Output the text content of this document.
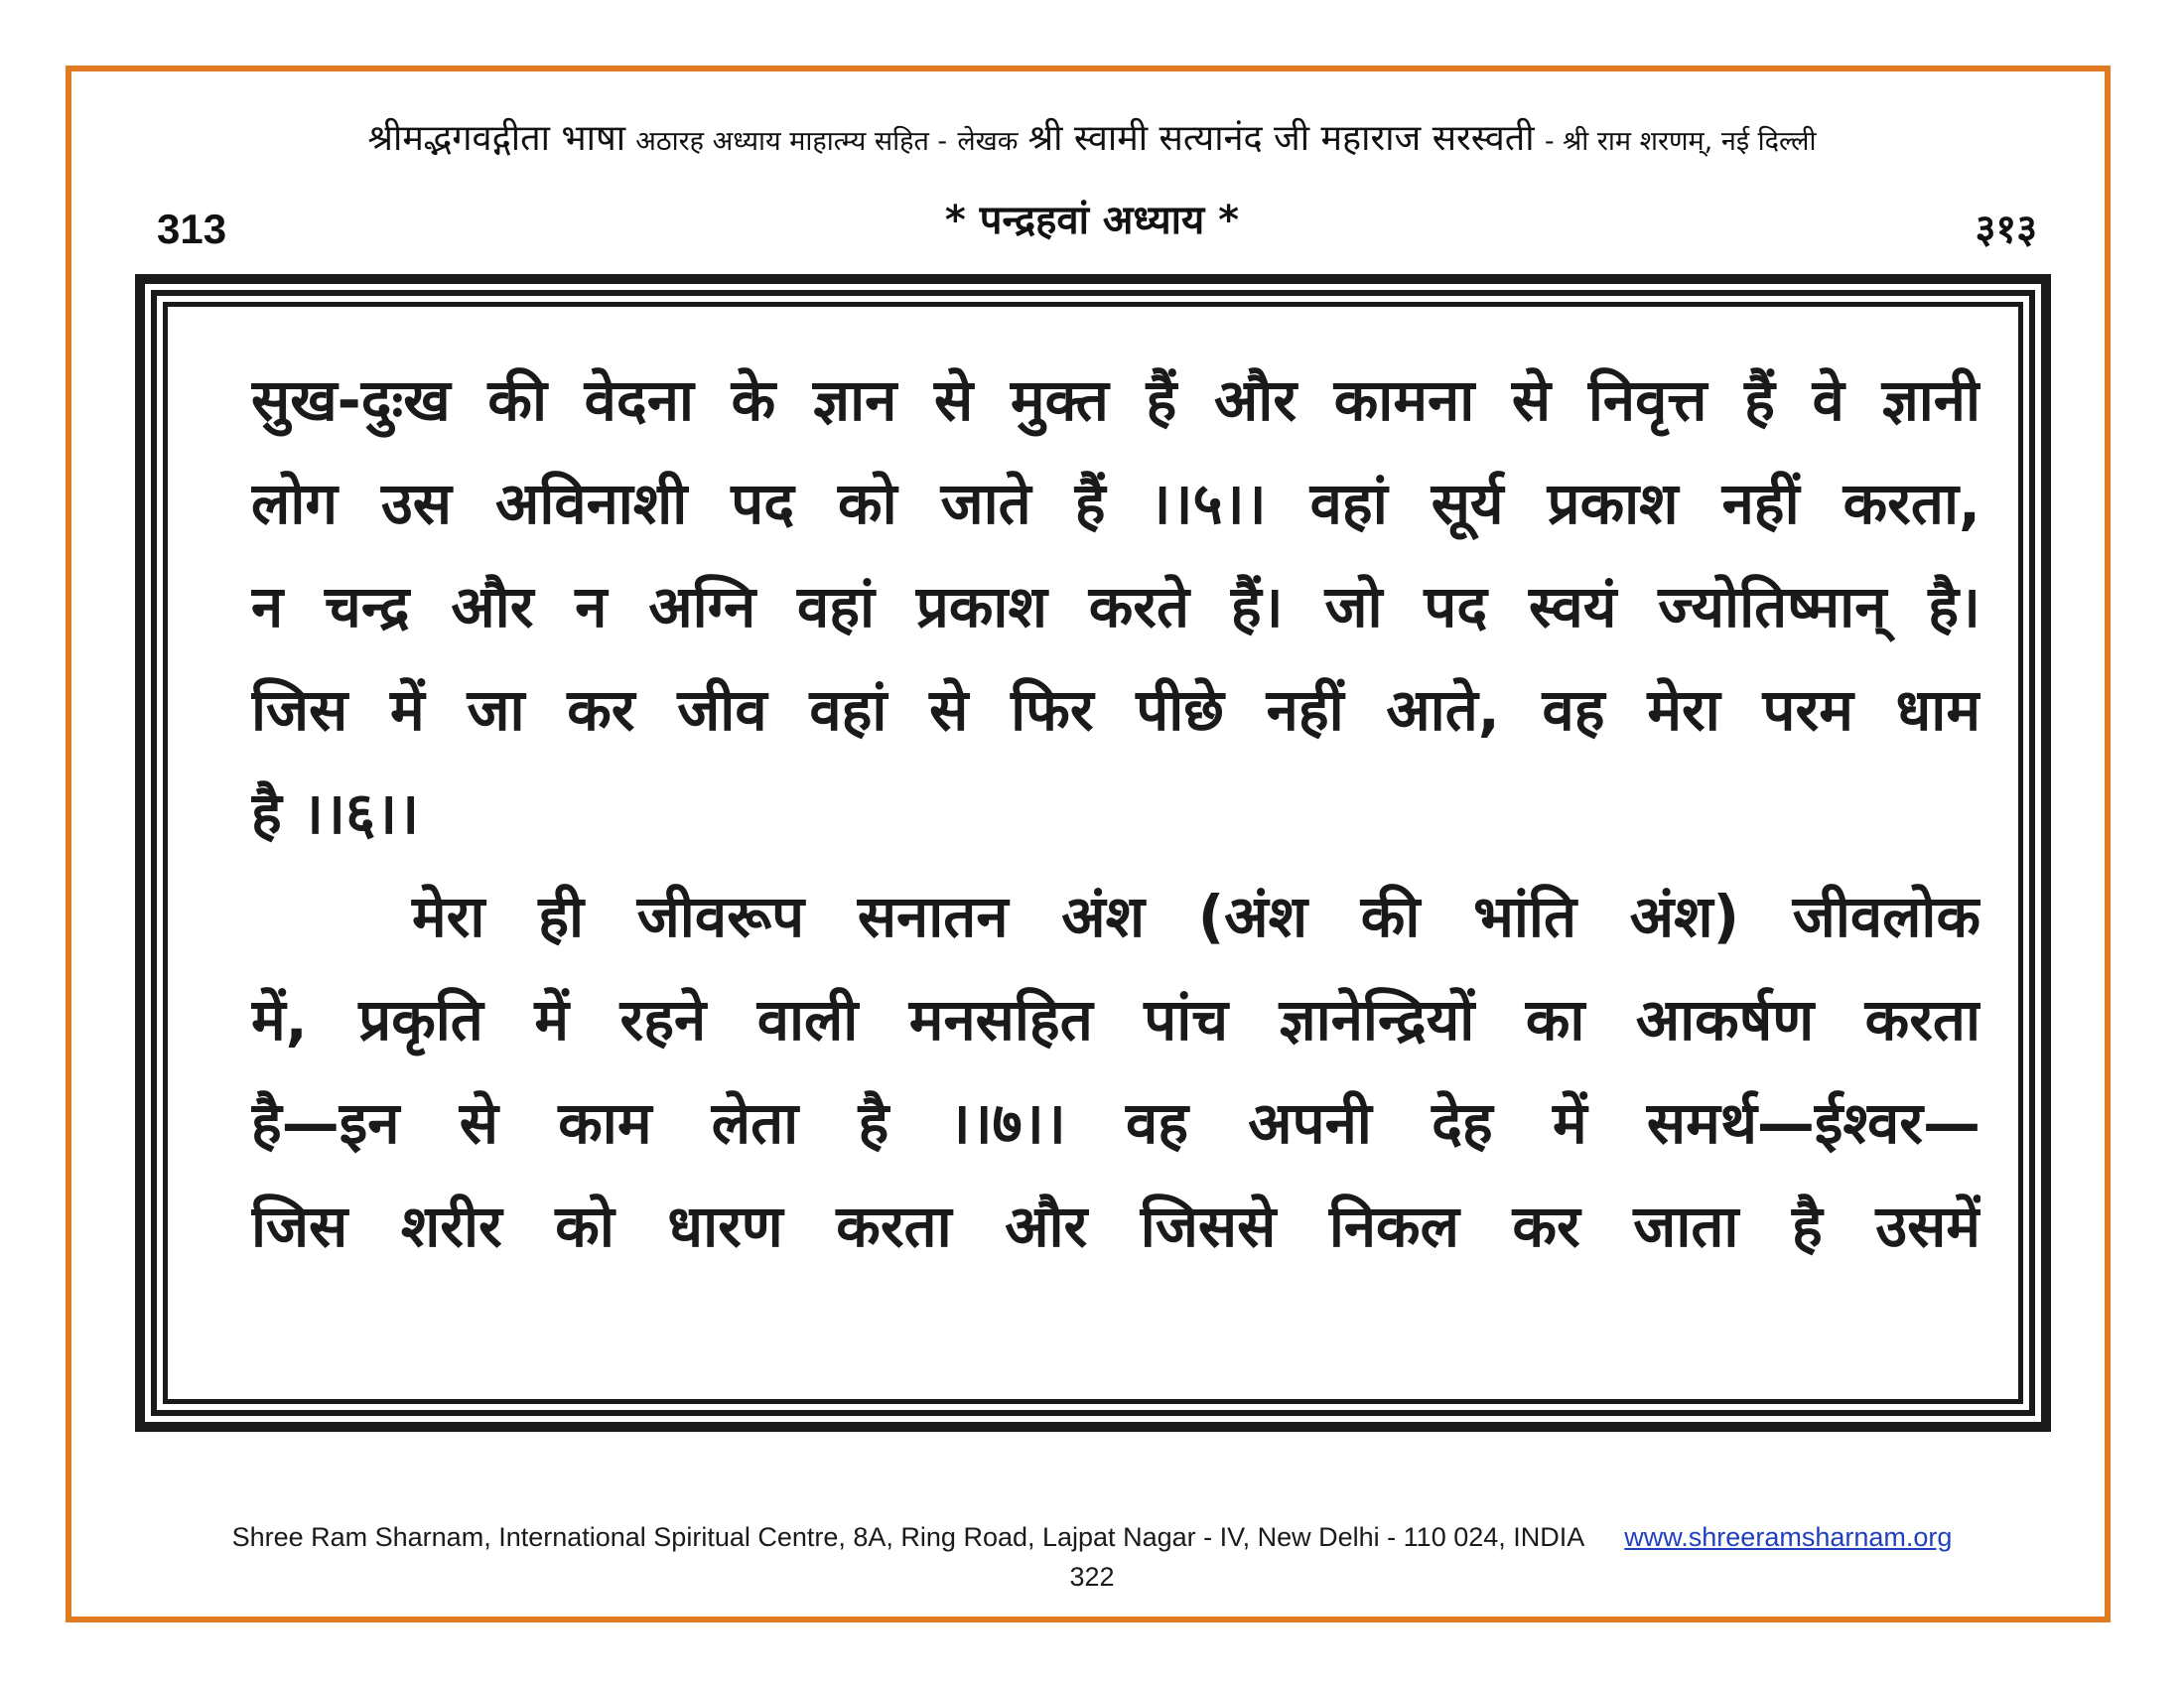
श्रीमद्भगवद्गीता भाषा अठारह अध्याय माहात्म्य सहित - लेखक श्री स्वामी सत्यानंद जी महाराज सरस्वती - श्री राम शरणम्, नई दिल्ली
313	* पन्द्रहवां अध्याय *	३१३
सुख-दुःख की वेदना के ज्ञान से मुक्त हैं और कामना से निवृत्त हैं वे ज्ञानी
लोग उस अविनाशी पद को जाते हैं ।।५।। वहां सूर्य प्रकाश नहीं करता,
न चन्द्र और न अग्नि वहां प्रकाश करते हैं। जो पद स्वयं ज्योतिष्मान् है।
जिस में जा कर जीव वहां से फिर पीछे नहीं आते, वह मेरा परम धाम
है ।।६।।
मेरा ही जीवरूप सनातन अंश (अंश की भांति अंश) जीवलोक
में, प्रकृति में रहने वाली मनसहित पांच ज्ञानेन्द्रियों का आकर्षण करता
है—इन से काम लेता है ।।७।। वह अपनी देह में समर्थ—ईश्वर—
जिस शरीर को धारण करता और जिससे निकल कर जाता है उसमें
Shree Ram Sharnam, International Spiritual Centre, 8A, Ring Road, Lajpat Nagar - IV, New Delhi - 110 024, INDIA www.shreeramsharnam.org
322
